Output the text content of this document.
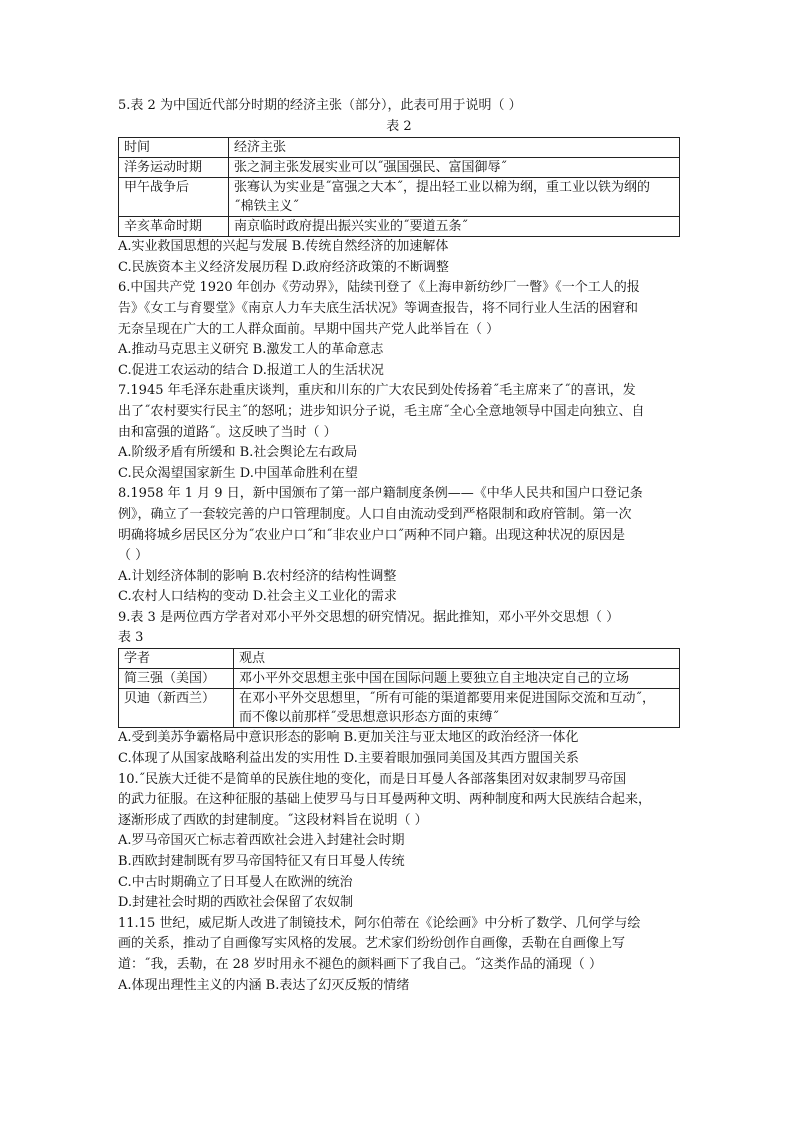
5.表 2 为中国近代部分时期的经济主张（部分），此表可用于说明（ ）
表 2
时间	经济主张
洋务运动时期	张之洞主张发展实业可以˝强国强民、富国御辱˝

甲午战争后	张骞认为实业是˝富强之大本˝，提出轻工业以棉为纲，重工业以铁为纲的
˝棉铁主义˝

辛亥革命时期	南京临时政府提出振兴实业的˝要道五条˝
A.实业救国思想的兴起与发展 B.传统自然经济的加速解体
C.民族资本主义经济发展历程 D.政府经济政策的不断调整
6.中国共产党 1920 年创办《劳动界》，陆续刊登了《上海申新纺纱厂一瞥》《一个工人的报
告》《女工与育婴堂》《南京人力车夫底生活状况》等调查报告，将不同行业人生活的困窘和
无奈呈现在广大的工人群众面前。早期中国共产党人此举旨在（ ）
A.推动马克思主义研究 B.激发工人的革命意志
C.促进工农运动的结合 D.报道工人的生活状况
7.1945 年毛泽东赴重庆谈判，重庆和川东的广大农民到处传扬着˝毛主席来了˝的喜讯，发
出了˝农村要实行民主˝的怒吼；进步知识分子说，毛主席˝全心全意地领导中国走向独立、自
由和富强的道路˝。这反映了当时（ ）
A.阶级矛盾有所缓和 B.社会舆论左右政局
C.民众渴望国家新生 D.中国革命胜利在望
8.1958 年 1 月 9 日，新中国颁布了第一部户籍制度条例——《中华人民共和国户口登记条
例》，确立了一套较完善的户口管理制度。人口自由流动受到严格限制和政府管制。第一次
明确将城乡居民区分为˝农业户口˝和˝非农业户口˝两种不同户籍。出现这种状况的原因是
（ ）
A.计划经济体制的影响 B.农村经济的结构性调整
C.农村人口结构的变动 D.社会主义工业化的需求
9.表 3 是两位西方学者对邓小平外交思想的研究情况。据此推知，邓小平外交思想（ ）
表 3
学者	观点
简三强（美国）	邓小平外交思想主张中国在国际问题上要独立自主地决定自己的立场

贝迪（新西兰）	在邓小平外交思想里，˝所有可能的渠道都要用来促进国际交流和互动˝，
而不像以前那样˝受思想意识形态方面的束缚˝
A.受到美苏争霸格局中意识形态的影响 B.更加关注与亚太地区的政治经济一体化
C.体现了从国家战略利益出发的实用性 D.主要着眼加强同美国及其西方盟国关系
10.˝民族大迁徙不是简单的民族住地的变化，而是日耳曼人各部落集团对奴隶制罗马帝国
的武力征服。在这种征服的基础上使罗马与日耳曼两种文明、两种制度和两大民族结合起来，
逐渐形成了西欧的封建制度。˝这段材料旨在说明（ ）
A.罗马帝国灭亡标志着西欧社会进入封建社会时期
B.西欧封建制既有罗马帝国特征又有日耳曼人传统
C.中古时期确立了日耳曼人在欧洲的统治
D.封建社会时期的西欧社会保留了农奴制
11.15 世纪，威尼斯人改进了制镜技术，阿尔伯蒂在《论绘画》中分析了数学、几何学与绘
画的关系，推动了自画像写实风格的发展。艺术家们纷纷创作自画像，丢勒在自画像上写
道：˝我，丢勒，在 28 岁时用永不褪色的颜料画下了我自己。˝这类作品的涌现（ ）
A.体现出理性主义的内涵 B.表达了幻灭反叛的情绪
